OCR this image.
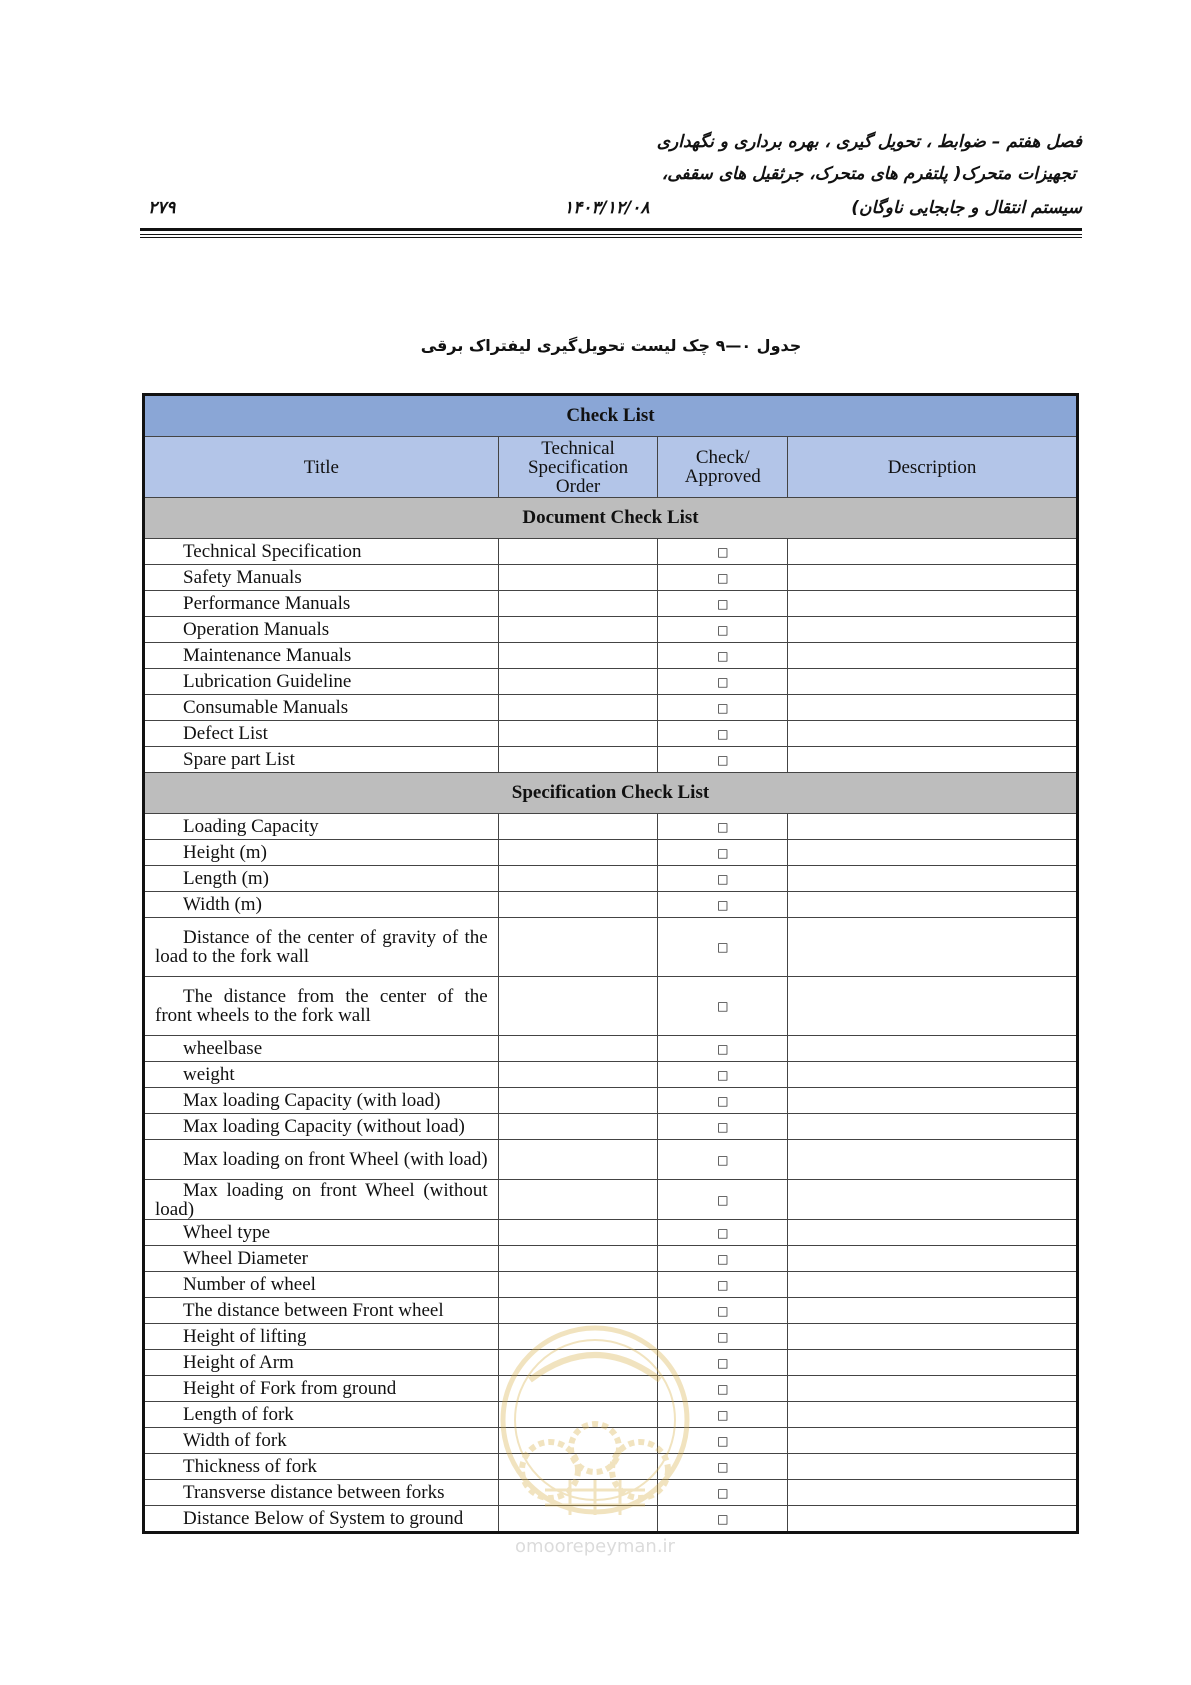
فصل هفتم – ضوابط ، تحویل گیری ، بهره برداری و نگهداری
تجهیزات متحرک( پلتفرم های متحرک، جرثقیل های سقفی،
سیستم انتقال و جابجایی ناوگان)
۱۴۰۳/۱۲/۰۸
۲۷۹
جدول ۰—۹ چک لیست تحویل‌گیری لیفتراک برقی
Check List			
Title	Technical Specification Order	Check/ Approved	Description
Document Check List			
Technical Specification		□	
Safety Manuals		□	
Performance Manuals		□	
Operation Manuals		□	
Maintenance Manuals		□	
Lubrication Guideline		□	
Consumable Manuals		□	
Defect List		□	
Spare part List		□	
Specification Check List			
Loading Capacity		□	
Height (m)		□	
Length (m)		□	
Width (m)		□	
Distance of the center of gravity of the load to the fork wall		□	
The distance from the center of the front wheels to the fork wall		□	
wheelbase		□	
weight		□	
Max loading Capacity (with load)		□	
Max loading Capacity (without load)		□	
Max loading on front Wheel (with load)		□	
Max loading on front Wheel (without load)		□	
Wheel type		□	
Wheel Diameter		□	
Number of wheel		□	
The distance between Front wheel		□	
Height of lifting		□	
Height of Arm		□	
Height of Fork from ground		□	
Length of fork		□	
Width of fork		□	
Thickness of fork		□	
Transverse distance between forks		□	
Distance Below of System to ground		□	
omoorepeyman.ir
